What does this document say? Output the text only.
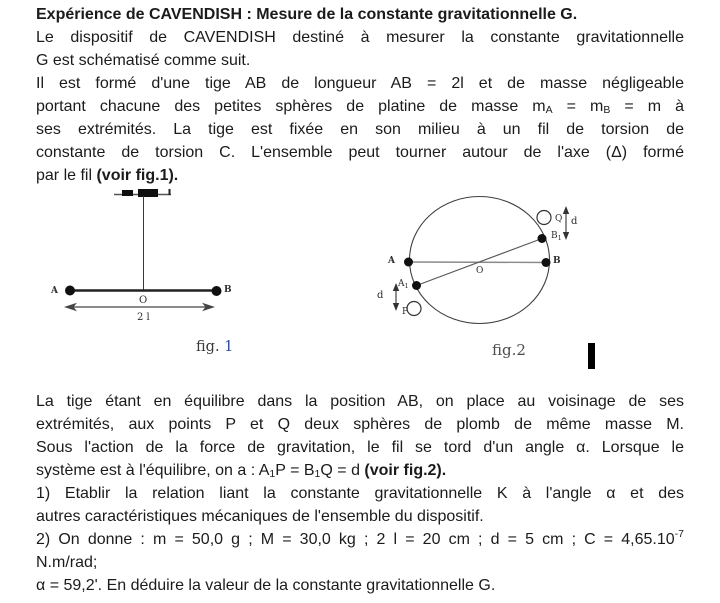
Expérience de CAVENDISH : Mesure de la constante gravitationnelle G.
Le dispositif de CAVENDISH destiné à mesurer la constante gravitationnelle
G est schématisé comme suit.
Il est formé d'une tige AB de longueur AB = 2l et de masse négligeable
portant chacune des petites sphères de platine de masse mA = mB = m à
ses extrémités. La tige est fixée en son milieu à un fil de torsion de
constante de torsion C. L'ensemble peut tourner autour de l'axe (Δ) formé
par le fil (voir fig.1).
A	B
O
2 l
fig. 1
A	B
O
$A_1$
$B_1$
Q d
P
d
fig.2
La tige étant en équilibre dans la position AB, on place au voisinage de ses
extrémités, aux points P et Q deux sphères de plomb de même masse M.
Sous l'action de la force de gravitation, le fil se tord d'un angle α. Lorsque le
système est à l'équilibre, on a : A1P = B1Q = d (voir fig.2).
1) Etablir la relation liant la constante gravitationnelle K à l'angle α et des
autres caractéristiques mécaniques de l'ensemble du dispositif.
2) On donne : m = 50,0 g ; M = 30,0 kg ; 2 l = 20 cm ; d = 5 cm ; $C = 4,65.10^{-7}$
N.m/rad;
α = 59,2'. En déduire la valeur de la constante gravitationnelle G.
